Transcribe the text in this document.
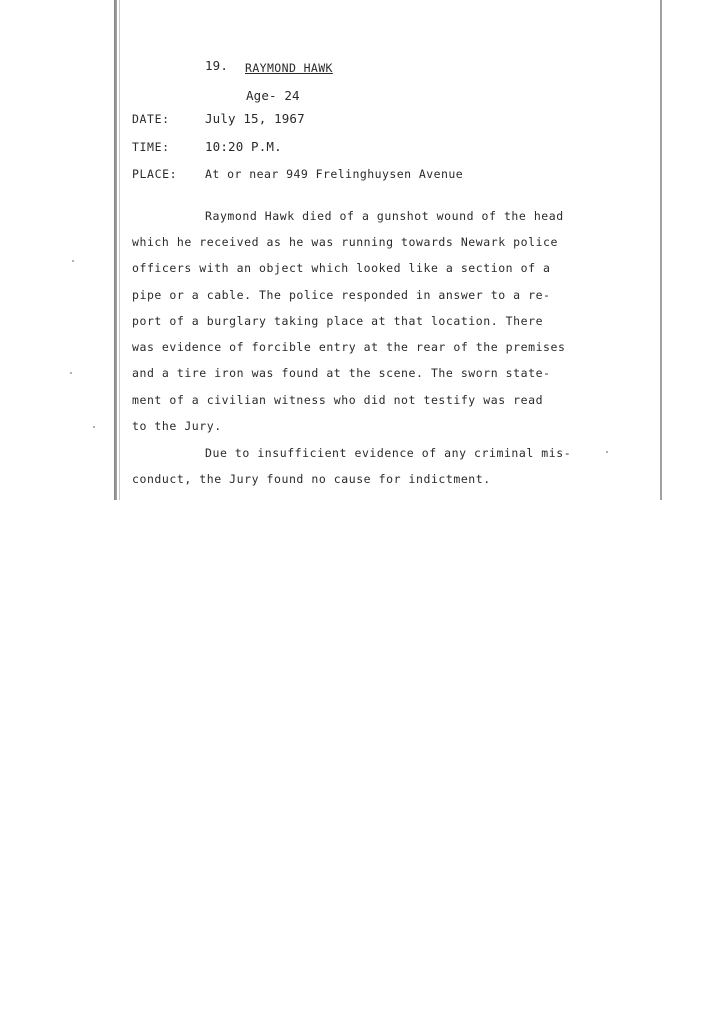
19. RAYMOND HAWK
Age- 24
DATE:	July 15, 1967
TIME:	10:20 P.M.
PLACE: At or near 949 Frelinghuysen Avenue
Raymond Hawk died of a gunshot wound of the head
which he received as he was running towards Newark police
officers with an object which looked like a section of a
pipe or a cable. The police responded in answer to a re-
port of a burglary taking place at that location. There
was evidence of forcible entry at the rear of the premises
and a tire iron was found at the scene. The sworn state-
ment of a civilian witness who did not testify was read
to the Jury.
Due to insufficient evidence of any criminal mis-
conduct, the Jury found no cause for indictment.
